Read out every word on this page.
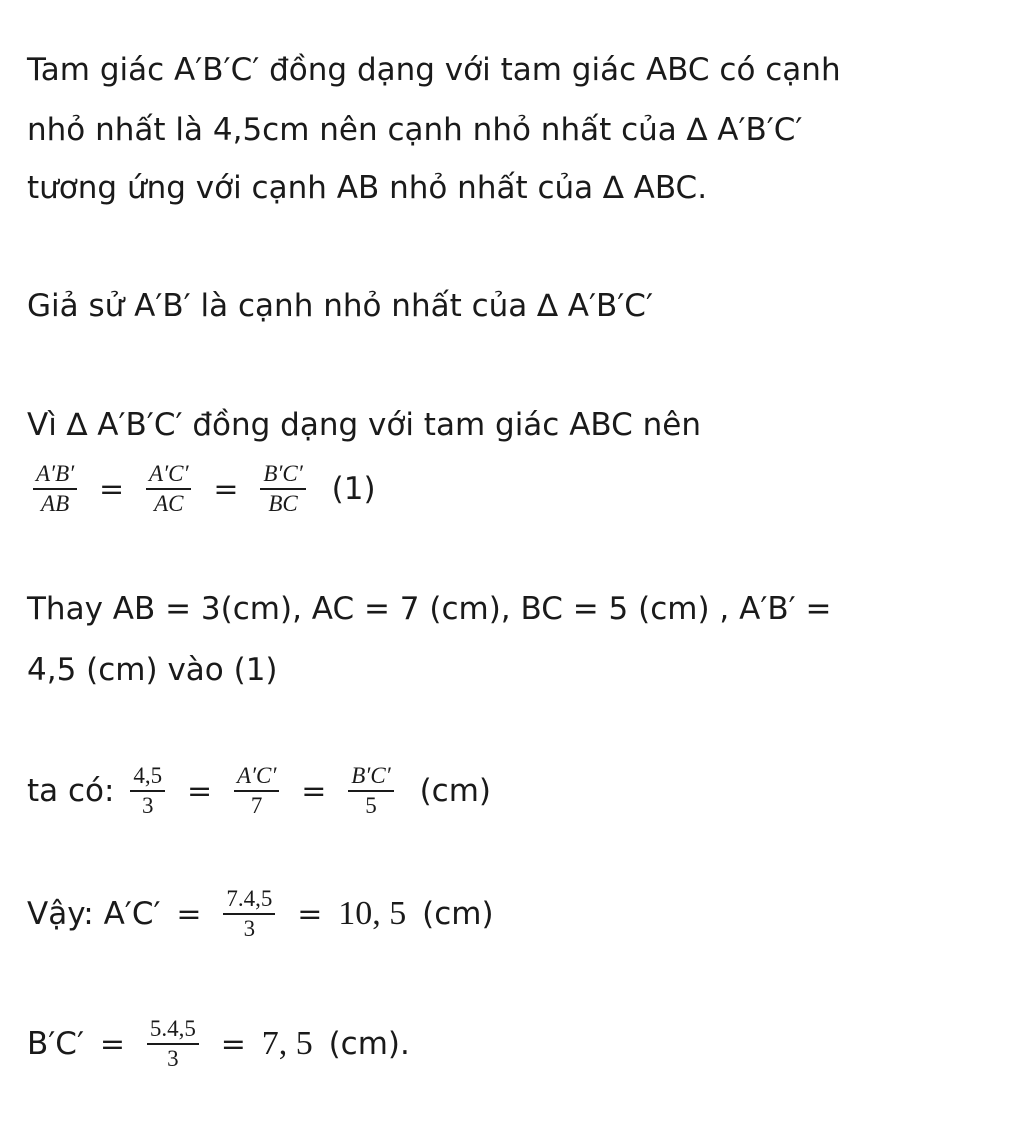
Tam giác A′B′C′ đồng dạng với tam giác ABC có cạnh
nhỏ nhất là 4,5cm nên cạnh nhỏ nhất của ∆ A′B′C′
tương ứng với cạnh AB nhỏ nhất của ∆ ABC.
Giả sử A′B′ là cạnh nhỏ nhất của ∆ A′B′C′
Vì ∆ A′B′C′ đồng dạng với tam giác ABC nên
$\frac{A'B'}{AB} = \frac{A'C'}{AC} = \frac{B'C'}{BC} (1)$
Thay AB = 3(cm), AC = 7 (cm), BC = 5 (cm) , A′B′ =
4,5 (cm) vào (1)
ta có: $\frac{4,5}{3} = \frac{A'C'}{7} = \frac{B'C'}{5} (cm)$
Vậy: $A'C' = \frac{7.4,5}{3} = 10$, 5 (cm)
$B'C' = \frac{5.4,5}{3} = 7$, 5 (cm).
